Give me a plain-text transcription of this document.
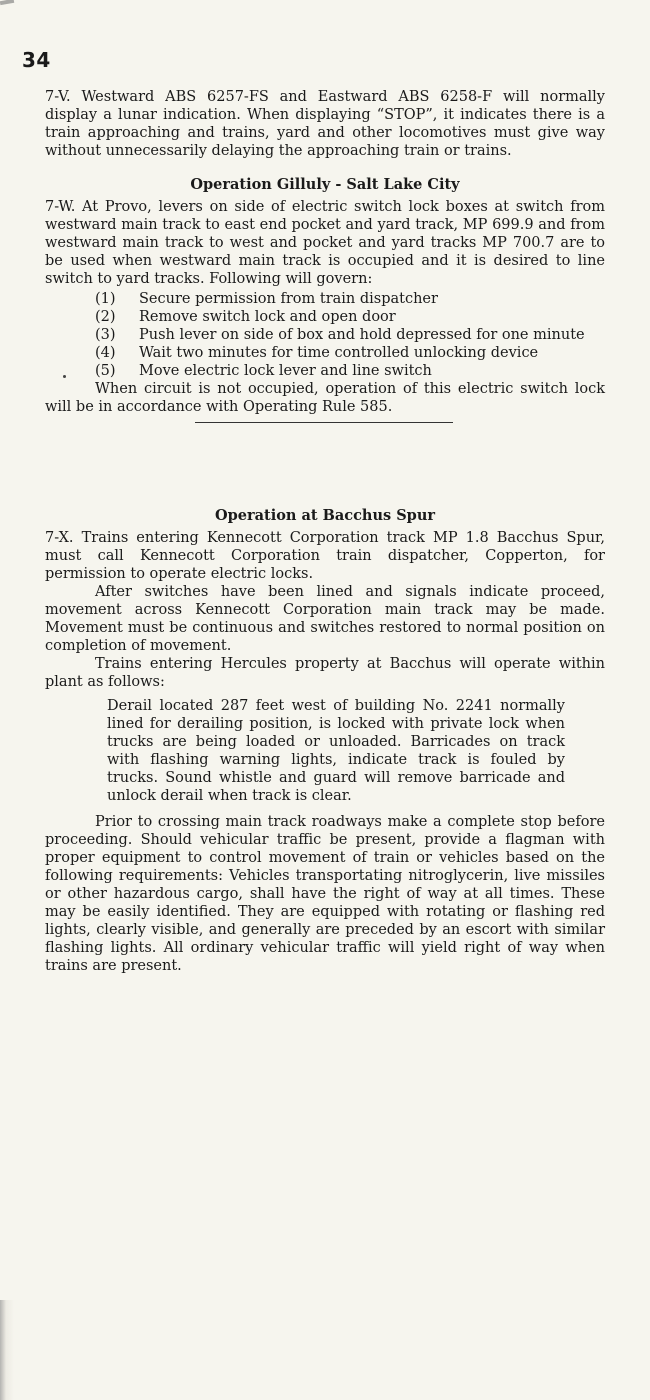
34

7-V. Westward ABS 6257-FS and Eastward ABS 6258-F will normally display a lunar indication. When displaying “STOP”, it indicates there is a train approaching and trains, yard and other locomotives must give way without unnecessarily delaying the approaching train or trains.

Operation Gilluly - Salt Lake City

7-W. At Provo, levers on side of electric switch lock boxes at switch from westward main track to east end pocket and yard track, MP 699.9 and from westward main track to west and pocket and yard tracks MP 700.7 are to be used when westward main track is occupied and it is desired to line switch to yard tracks. Following will govern:

(1)	Secure permission from train dispatcher
(2)	Remove switch lock and open door
(3)	Push lever on side of box and hold depressed for one minute
(4)	Wait two minutes for time controlled unlocking device
(5)	Move electric lock lever and line switch

When circuit is not occupied, operation of this electric switch lock will be in accordance with Operating Rule 585.

Operation at Bacchus Spur

7-X. Trains entering Kennecott Corporation track MP 1.8 Bacchus Spur, must call Kennecott Corporation train dispatcher, Copperton, for permission to operate electric locks.

After switches have been lined and signals indicate proceed, movement across Kennecott Corporation main track may be made. Movement must be continuous and switches restored to normal position on completion of movement.

Trains entering Hercules property at Bacchus will operate within plant as follows:

Derail located 287 feet west of building No. 2241 normally lined for derailing position, is locked with private lock when trucks are being loaded or unloaded. Barricades on track with flashing warning lights, indicate track is fouled by trucks. Sound whistle and guard will remove barricade and unlock derail when track is clear.

Prior to crossing main track roadways make a complete stop before proceeding. Should vehicular traffic be present, provide a flagman with proper equipment to control movement of train or vehicles based on the following requirements: Vehicles transportating nitroglycerin, live missiles or other hazardous cargo, shall have the right of way at all times. These may be easily identified. They are equipped with rotating or flashing red lights, clearly visible, and generally are preceded by an escort with similar flashing lights. All ordinary vehicular traffic will yield right of way when trains are present.
